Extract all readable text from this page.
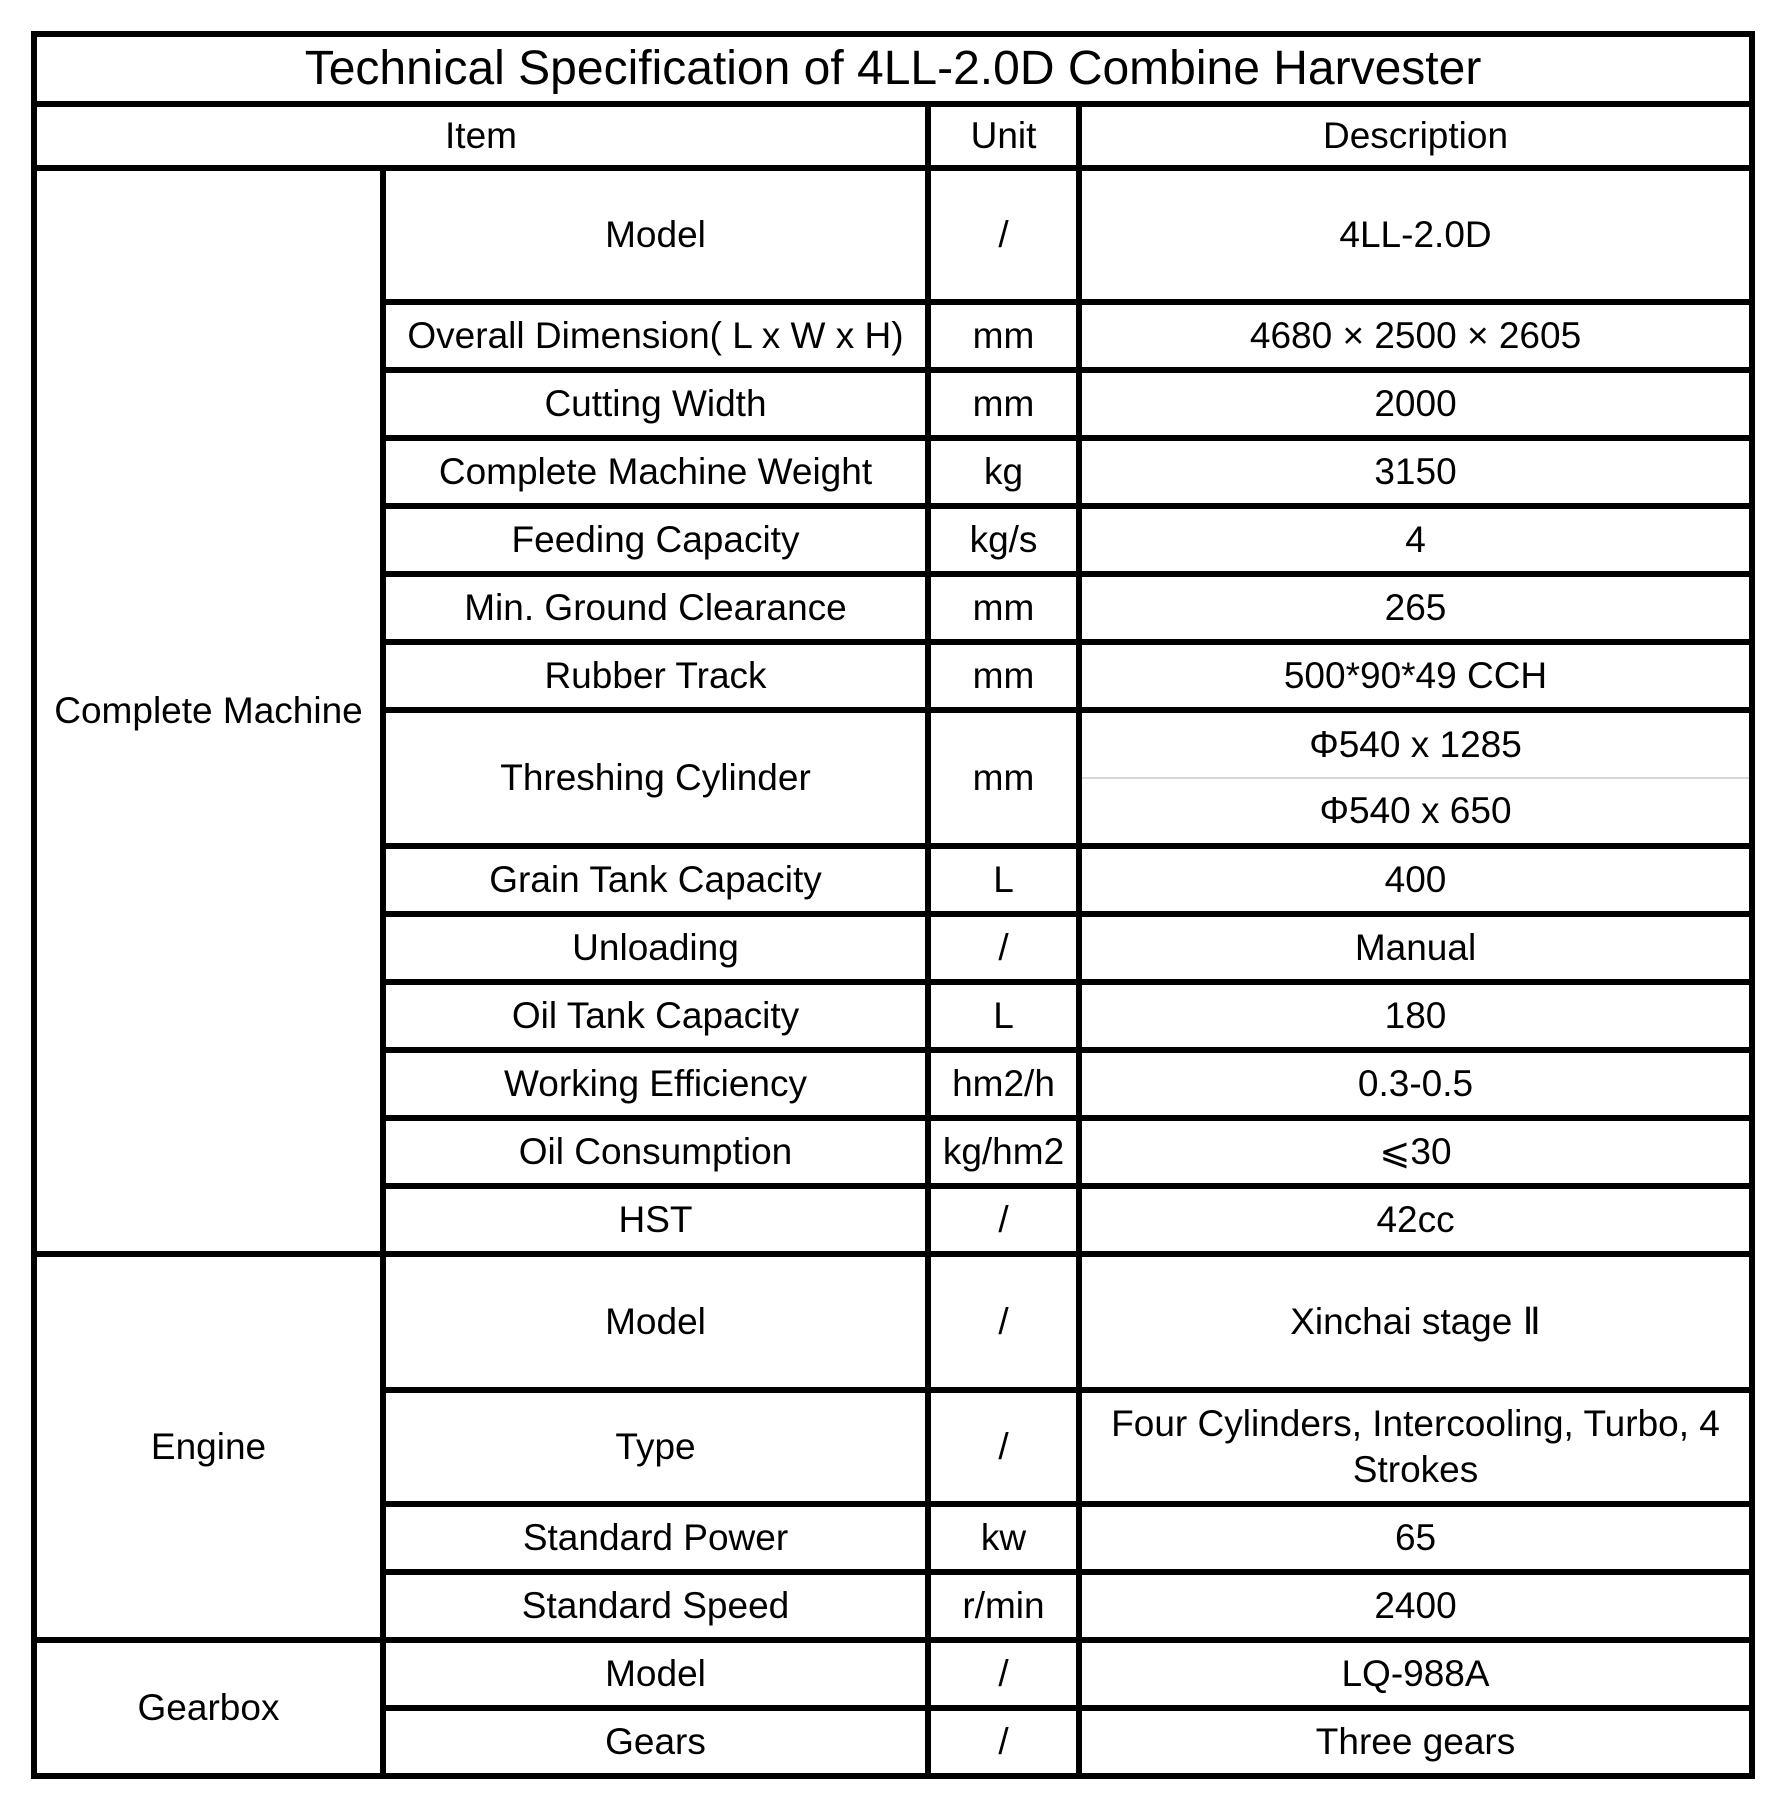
Technical Specification of 4LL-2.0D Combine Harvester			
Item		Unit	Description
Complete Machine	Model	/	4LL-2.0D
	Overall Dimension( L x W x H)	mm	4680 × 2500 × 2605
	Cutting Width	mm	2000
	Complete Machine Weight	kg	3150
	Feeding Capacity	kg/s	4
	Min. Ground Clearance	mm	265
	Rubber Track	mm	500*90*49 CCH
	Threshing Cylinder	mm	Φ540 x 1285
			Φ540 x 650
	Grain Tank Capacity	L	400
	Unloading	/	Manual
	Oil Tank Capacity	L	180
	Working Efficiency	hm2/h	0.3-0.5
	Oil Consumption	kg/hm2	⩽30
	HST	/	42cc
Engine	Model	/	Xinchai stage Ⅱ
	Type	/	Four Cylinders, Intercooling, Turbo, 4 Strokes
	Standard Power	kw	65
	Standard Speed	r/min	2400
Gearbox	Model	/	LQ-988A
	Gears	/	Three gears
